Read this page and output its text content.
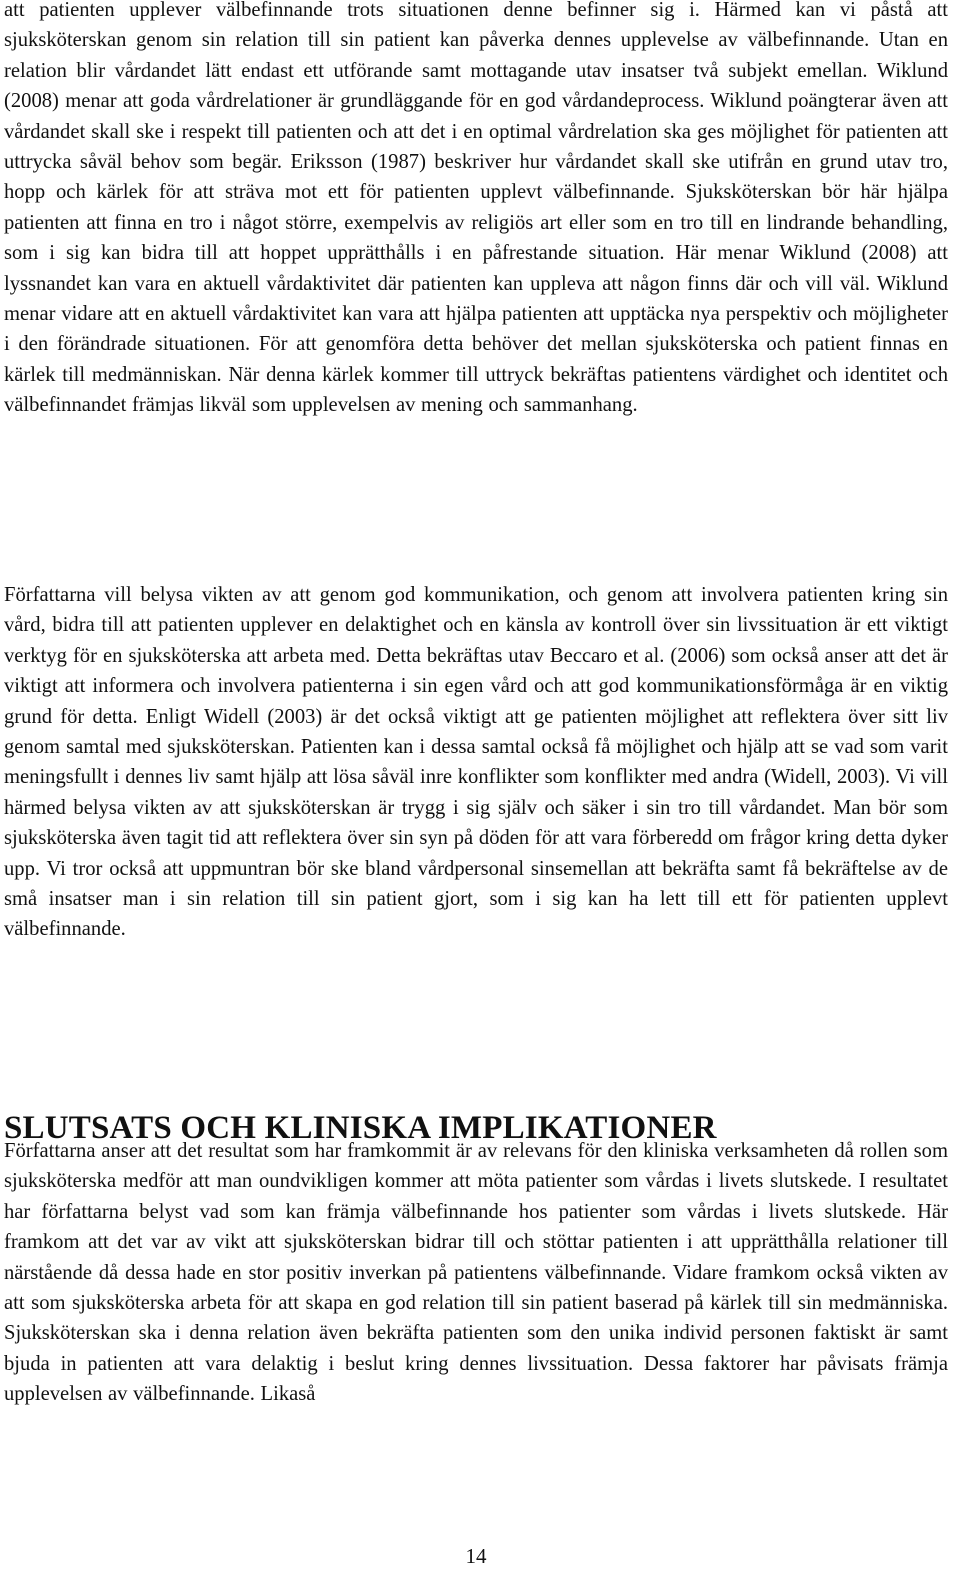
att patienten upplever välbefinnande trots situationen denne befinner sig i. Härmed kan vi påstå att sjuksköterskan genom sin relation till sin patient kan påverka dennes upplevelse av välbefinnande. Utan en relation blir vårdandet lätt endast ett utförande samt mottagande utav insatser två subjekt emellan. Wiklund (2008) menar att goda vårdrelationer är grundläggande för en god vårdandeprocess. Wiklund poängterar även att vårdandet skall ske i respekt till patienten och att det i en optimal vårdrelation ska ges möjlighet för patienten att uttrycka såväl behov som begär. Eriksson (1987) beskriver hur vårdandet skall ske utifrån en grund utav tro, hopp och kärlek för att sträva mot ett för patienten upplevt välbefinnande. Sjuksköterskan bör här hjälpa patienten att finna en tro i något större, exempelvis av religiös art eller som en tro till en lindrande behandling, som i sig kan bidra till att hoppet upprätthålls i en påfrestande situation. Här menar Wiklund (2008) att lyssnandet kan vara en aktuell vårdaktivitet där patienten kan uppleva att någon finns där och vill väl. Wiklund menar vidare att en aktuell vårdaktivitet kan vara att hjälpa patienten att upptäcka nya perspektiv och möjligheter i den förändrade situationen. För att genomföra detta behöver det mellan sjuksköterska och patient finnas en kärlek till medmänniskan. När denna kärlek kommer till uttryck bekräftas patientens värdighet och identitet och välbefinnandet främjas likväl som upplevelsen av mening och sammanhang.

Författarna vill belysa vikten av att genom god kommunikation, och genom att involvera patienten kring sin vård, bidra till att patienten upplever en delaktighet och en känsla av kontroll över sin livssituation är ett viktigt verktyg för en sjuksköterska att arbeta med. Detta bekräftas utav Beccaro et al. (2006) som också anser att det är viktigt att informera och involvera patienterna i sin egen vård och att god kommunikationsförmåga är en viktig grund för detta. Enligt Widell (2003) är det också viktigt att ge patienten möjlighet att reflektera över sitt liv genom samtal med sjuksköterskan. Patienten kan i dessa samtal också få möjlighet och hjälp att se vad som varit meningsfullt i dennes liv samt hjälp att lösa såväl inre konflikter som konflikter med andra (Widell, 2003). Vi vill härmed belysa vikten av att sjuksköterskan är trygg i sig själv och säker i sin tro till vårdandet. Man bör som sjuksköterska även tagit tid att reflektera över sin syn på döden för att vara förberedd om frågor kring detta dyker upp. Vi tror också att uppmuntran bör ske bland vårdpersonal sinsemellan att bekräfta samt få bekräftelse av de små insatser man i sin relation till sin patient gjort, som i sig kan ha lett till ett för patienten upplevt välbefinnande.

SLUTSATS OCH KLINISKA IMPLIKATIONER

Författarna anser att det resultat som har framkommit är av relevans för den kliniska verksamheten då rollen som sjuksköterska medför att man oundvikligen kommer att möta patienter som vårdas i livets slutskede. I resultatet har författarna belyst vad som kan främja välbefinnande hos patienter som vårdas i livets slutskede. Här framkom att det var av vikt att sjuksköterskan bidrar till och stöttar patienten i att upprätthålla relationer till närstående då dessa hade en stor positiv inverkan på patientens välbefinnande. Vidare framkom också vikten av att som sjuksköterska arbeta för att skapa en god relation till sin patient baserad på kärlek till sin medmänniska. Sjuksköterskan ska i denna relation även bekräfta patienten som den unika individ personen faktiskt är samt bjuda in patienten att vara delaktig i beslut kring dennes livssituation. Dessa faktorer har påvisats främja upplevelsen av välbefinnande. Likaså

14
